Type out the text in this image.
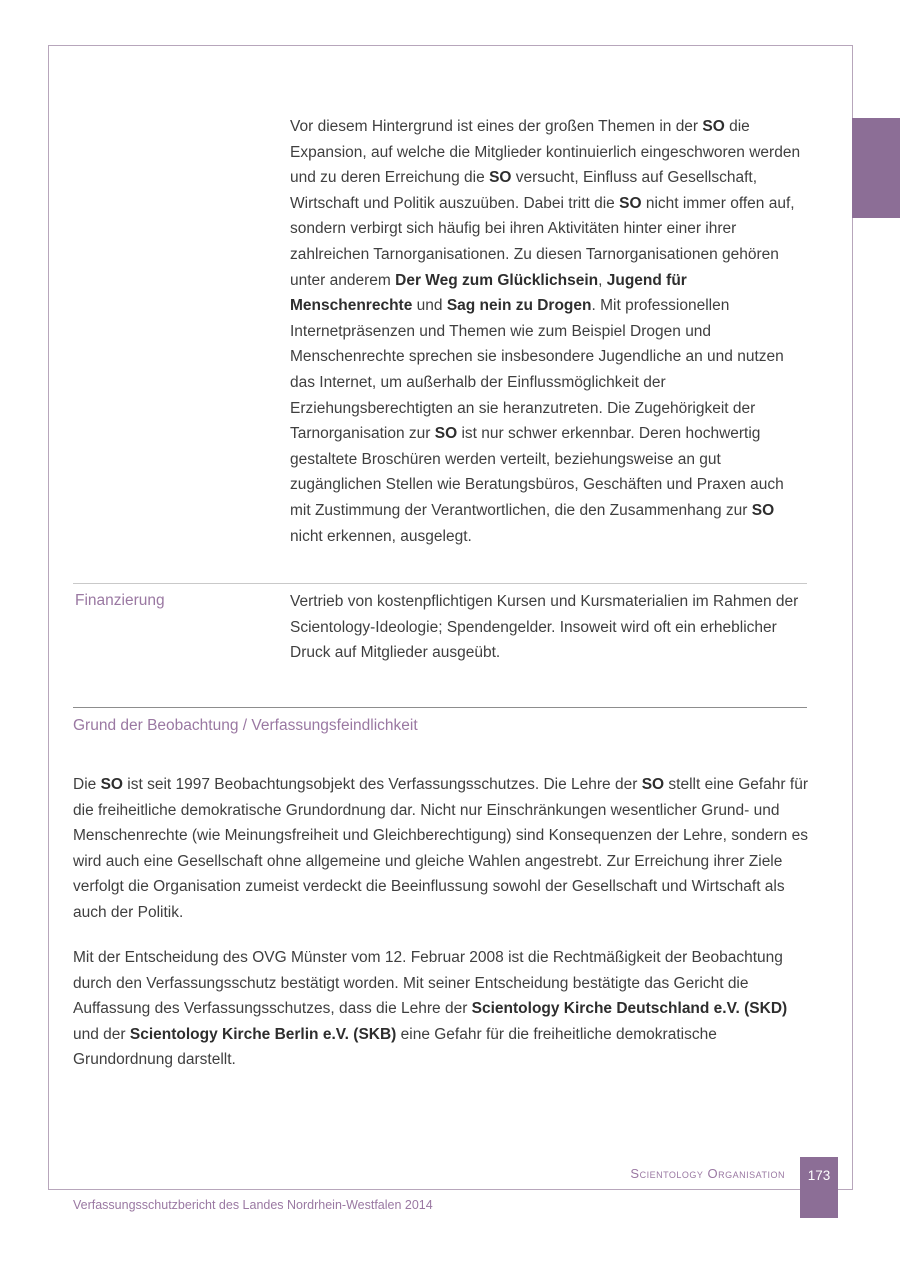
Vor diesem Hintergrund ist eines der großen Themen in der SO die Expansion, auf welche die Mitglieder kontinuierlich eingeschworen werden und zu deren Erreichung die SO versucht, Einfluss auf Gesellschaft, Wirtschaft und Politik auszuüben. Dabei tritt die SO nicht immer offen auf, sondern verbirgt sich häufig bei ihren Aktivitäten hinter einer ihrer zahlreichen Tarnorganisationen. Zu diesen Tarnorganisationen gehören unter anderem Der Weg zum Glücklichsein, Jugend für Menschenrechte und Sag nein zu Drogen. Mit professionellen Internetpräsenzen und Themen wie zum Beispiel Drogen und Menschenrechte sprechen sie insbesondere Jugendliche an und nutzen das Internet, um außerhalb der Einflussmöglichkeit der Erziehungsberechtigten an sie heranzutreten. Die Zugehörigkeit der Tarnorganisation zur SO ist nur schwer erkennbar. Deren hochwertig gestaltete Broschüren werden verteilt, beziehungsweise an gut zugänglichen Stellen wie Beratungsbüros, Geschäften und Praxen auch mit Zustimmung der Verantwortlichen, die den Zusammenhang zur SO nicht erkennen, ausgelegt.

Finanzierung	Vertrieb von kostenpflichtigen Kursen und Kursmaterialien im Rahmen der Scientology-Ideologie; Spendengelder. Insoweit wird oft ein erheblicher Druck auf Mitglieder ausgeübt.

Grund der Beobachtung / Verfassungsfeindlichkeit

Die SO ist seit 1997 Beobachtungsobjekt des Verfassungsschutzes. Die Lehre der SO stellt eine Gefahr für die freiheitliche demokratische Grundordnung dar. Nicht nur Einschränkungen wesentlicher Grund- und Menschenrechte (wie Meinungsfreiheit und Gleichberechtigung) sind Konsequenzen der Lehre, sondern es wird auch eine Gesellschaft ohne allgemeine und gleiche Wahlen angestrebt. Zur Erreichung ihrer Ziele verfolgt die Organisation zumeist verdeckt die Beeinflussung sowohl der Gesellschaft und Wirtschaft als auch der Politik.

Mit der Entscheidung des OVG Münster vom 12. Februar 2008 ist die Rechtmäßigkeit der Beobachtung durch den Verfassungsschutz bestätigt worden. Mit seiner Entscheidung bestätigte das Gericht die Auffassung des Verfassungsschutzes, dass die Lehre der Scientology Kirche Deutschland e.V. (SKD) und der Scientology Kirche Berlin e.V. (SKB) eine Gefahr für die freiheitliche demokratische Grundordnung darstellt.

Scientology Organisation	173
Verfassungsschutzbericht des Landes Nordrhein-Westfalen 2014
